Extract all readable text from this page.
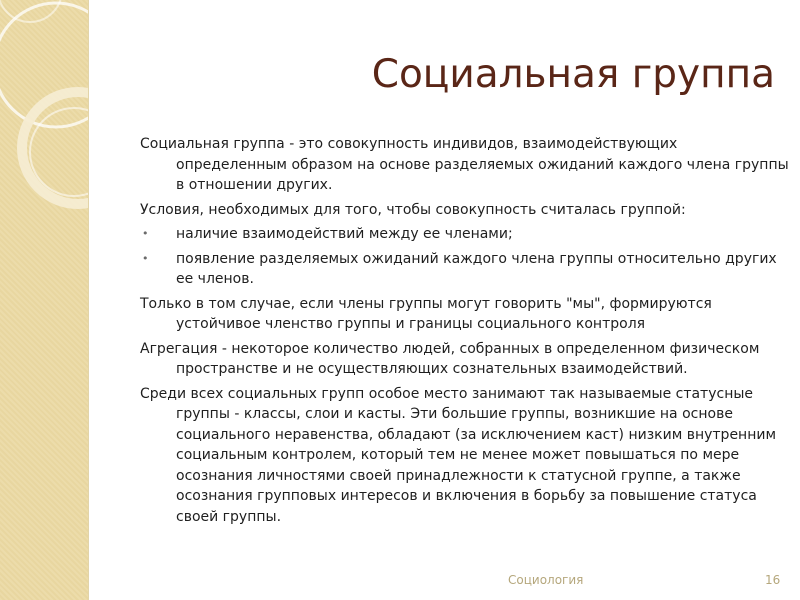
Социальная группа

Социальная группа - это совокупность индивидов, взаимодействующих определенным образом на основе разделяемых ожиданий каждого члена группы в отношении других.

Условия, необходимых для того, чтобы совокупность считалась группой:

• наличие взаимодействий между ее членами;
• появление разделяемых ожиданий каждого члена группы относительно других ее членов.

Только в том случае, если члены группы могут говорить "мы", формируются устойчивое членство группы и границы социального контроля

Агрегация - некоторое количество людей, собранных в определенном физическом пространстве и не осуществляющих сознательных взаимодействий.

Среди всех социальных групп особое место занимают так называемые статусные группы - классы, слои и касты. Эти большие группы, возникшие на основе социального неравенства, обладают (за исключением каст) низким внутренним социальным контролем, который тем не менее может повышаться по мере осознания личностями своей принадлежности к статусной группе, а также осознания групповых интересов и включения в борьбу за повышение статуса своей группы.

Социология	16
